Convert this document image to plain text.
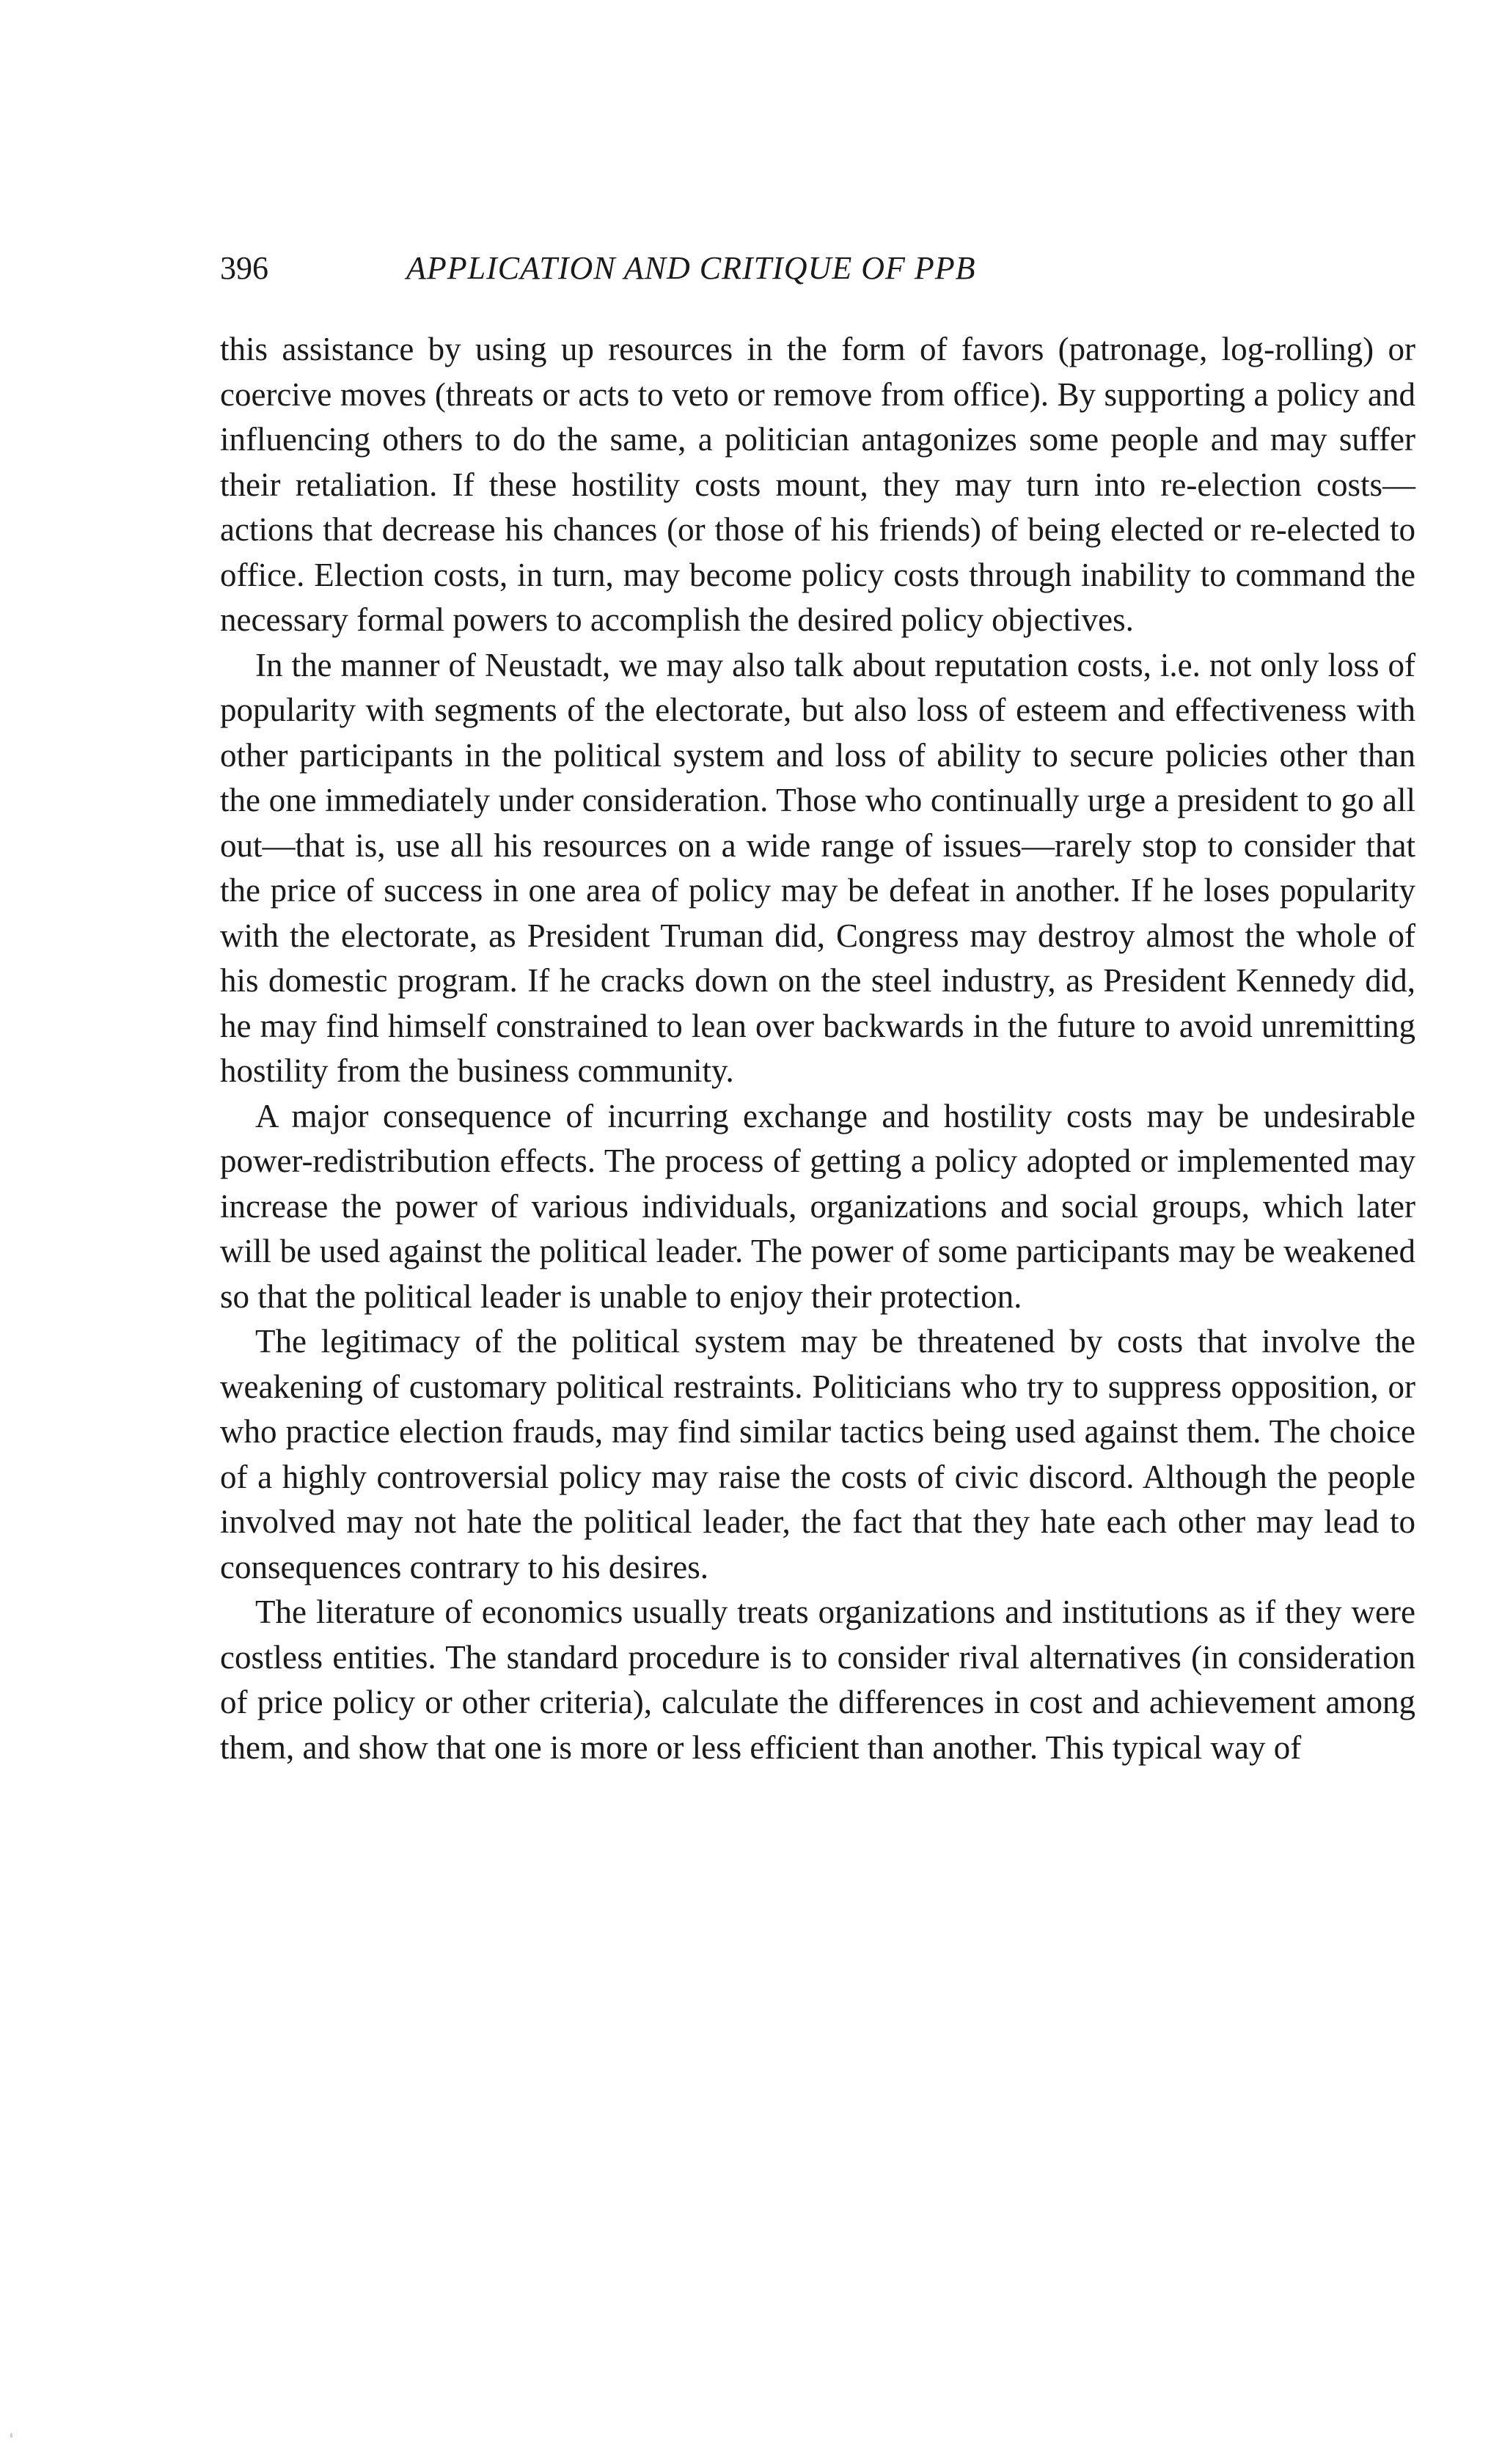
396	APPLICATION AND CRITIQUE OF PPB

this assistance by using up resources in the form of favors (patronage, log-rolling) or coercive moves (threats or acts to veto or remove from office). By supporting a policy and influencing others to do the same, a politician antagonizes some people and may suffer their retaliation. If these hostility costs mount, they may turn into re-election costs—actions that decrease his chances (or those of his friends) of being elected or re-elected to office. Election costs, in turn, may become policy costs through inability to command the necessary formal powers to accomplish the desired policy objectives.

In the manner of Neustadt, we may also talk about reputation costs, i.e. not only loss of popularity with segments of the electorate, but also loss of esteem and effectiveness with other participants in the political system and loss of ability to secure policies other than the one immediately under consideration. Those who continually urge a president to go all out—that is, use all his resources on a wide range of issues—rarely stop to consider that the price of success in one area of policy may be defeat in another. If he loses popularity with the electorate, as President Truman did, Congress may destroy almost the whole of his domestic program. If he cracks down on the steel industry, as President Kennedy did, he may find himself constrained to lean over backwards in the future to avoid unremitting hostility from the business community.

A major consequence of incurring exchange and hostility costs may be undesirable power-redistribution effects. The process of getting a policy adopted or implemented may increase the power of various individuals, organizations and social groups, which later will be used against the political leader. The power of some participants may be weakened so that the political leader is unable to enjoy their protection.

The legitimacy of the political system may be threatened by costs that involve the weakening of customary political restraints. Politicians who try to suppress opposition, or who practice election frauds, may find similar tactics being used against them. The choice of a highly controversial policy may raise the costs of civic discord. Although the people involved may not hate the political leader, the fact that they hate each other may lead to consequences contrary to his desires.

The literature of economics usually treats organizations and institutions as if they were costless entities. The standard procedure is to consider rival alternatives (in consideration of price policy or other criteria), calculate the differences in cost and achievement among them, and show that one is more or less efficient than another. This typical way of
